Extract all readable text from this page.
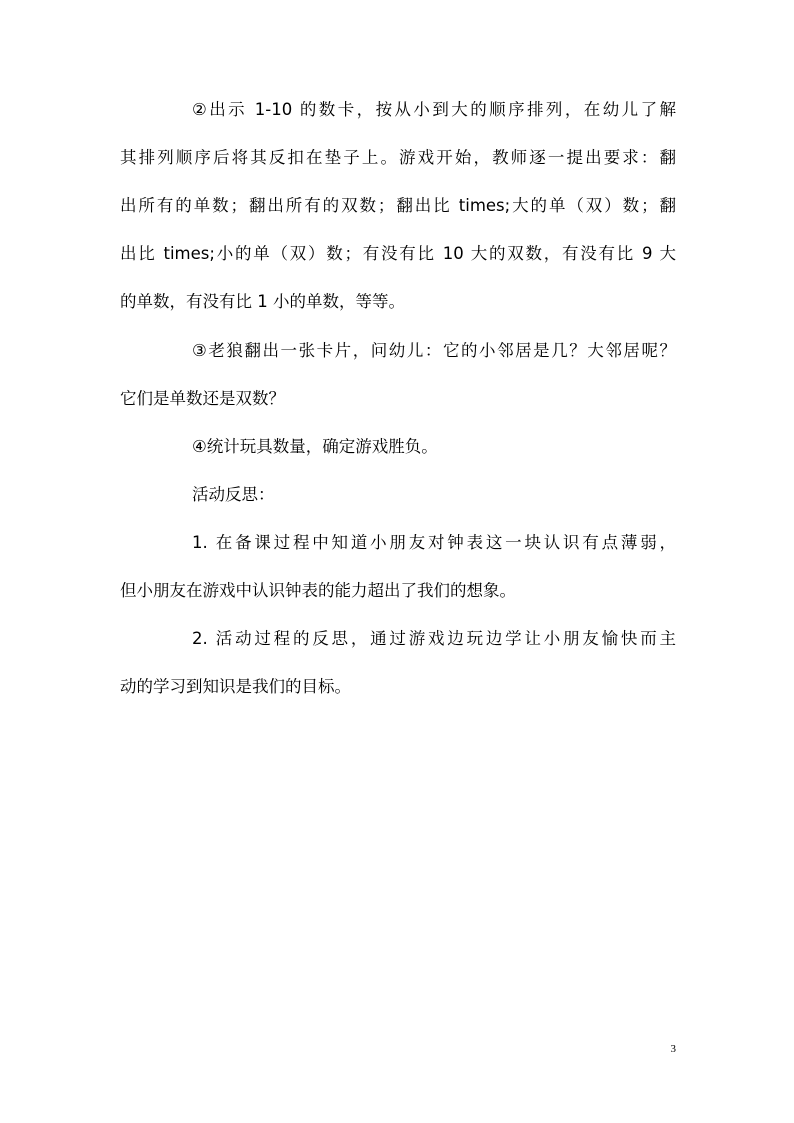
②出示 1-10 的数卡，按从小到大的顺序排列，在幼儿了解
其排列顺序后将其反扣在垫子上。游戏开始，教师逐一提出要求：翻
出所有的单数；翻出所有的双数；翻出比 times;大的单（双）数；翻
出比 times;小的单（双）数；有没有比 10 大的双数，有没有比 9 大
的单数，有没有比 1 小的单数，等等。
③老狼翻出一张卡片，问幼儿：它的小邻居是几？大邻居呢？
它们是单数还是双数？
④统计玩具数量，确定游戏胜负。
活动反思：
1. 在备课过程中知道小朋友对钟表这一块认识有点薄弱，
但小朋友在游戏中认识钟表的能力超出了我们的想象。
2. 活动过程的反思，通过游戏边玩边学让小朋友愉快而主
动的学习到知识是我们的目标。
3
